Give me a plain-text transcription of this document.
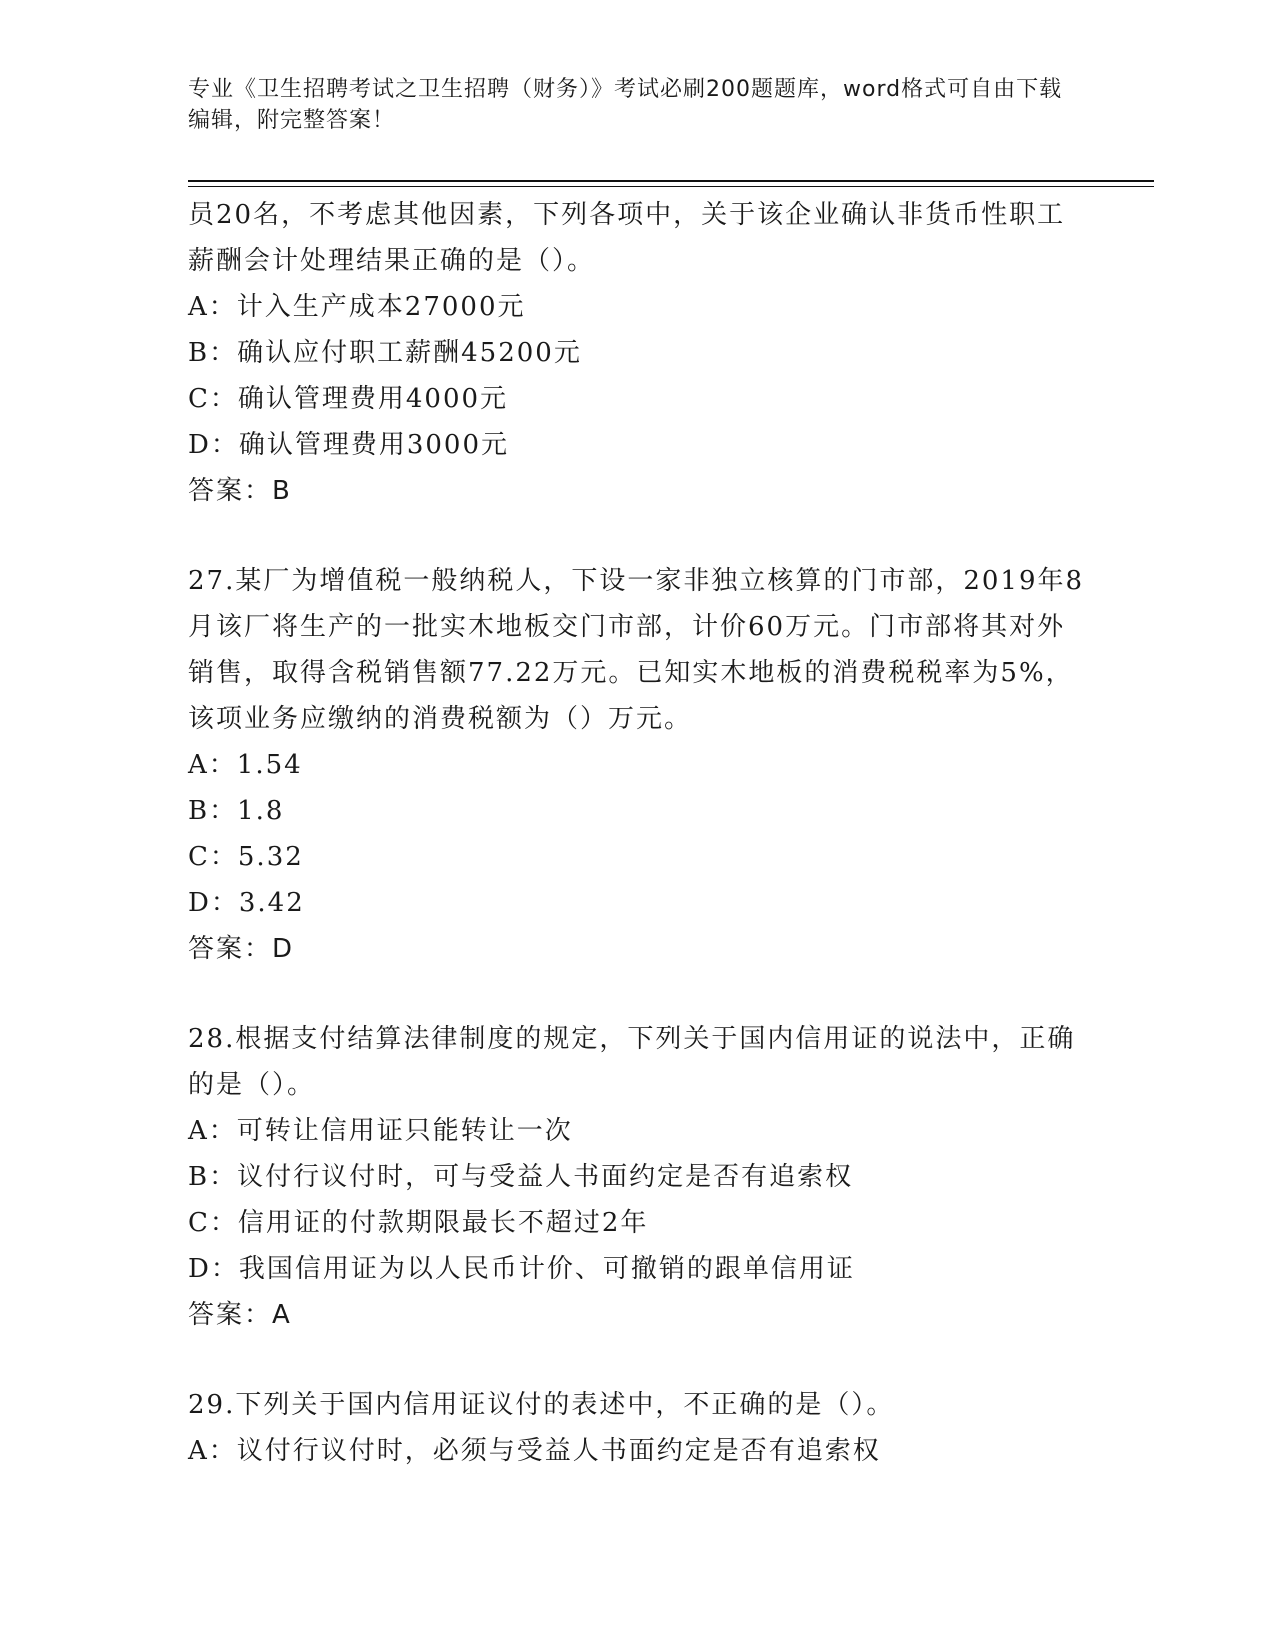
专业《卫生招聘考试之卫生招聘（财务）》考试必刷200题题库，word格式可自由下载编辑，附完整答案！

员20名，不考虑其他因素，下列各项中，关于该企业确认非货币性职工薪酬会计处理结果正确的是（）。

A：计入生产成本27000元

B：确认应付职工薪酬45200元

C：确认管理费用4000元

D：确认管理费用3000元

答案：B

27.某厂为增值税一般纳税人，下设一家非独立核算的门市部，2019年8月该厂将生产的一批实木地板交门市部，计价60万元。门市部将其对外销售，取得含税销售额77.22万元。已知实木地板的消费税税率为5%，该项业务应缴纳的消费税额为（）万元。

A：1.54

B：1.8

C：5.32

D：3.42

答案：D

28.根据支付结算法律制度的规定，下列关于国内信用证的说法中，正确的是（）。

A：可转让信用证只能转让一次

B：议付行议付时，可与受益人书面约定是否有追索权

C：信用证的付款期限最长不超过2年

D：我国信用证为以人民币计价、可撤销的跟单信用证

答案：A

29.下列关于国内信用证议付的表述中，不正确的是（）。

A：议付行议付时，必须与受益人书面约定是否有追索权
